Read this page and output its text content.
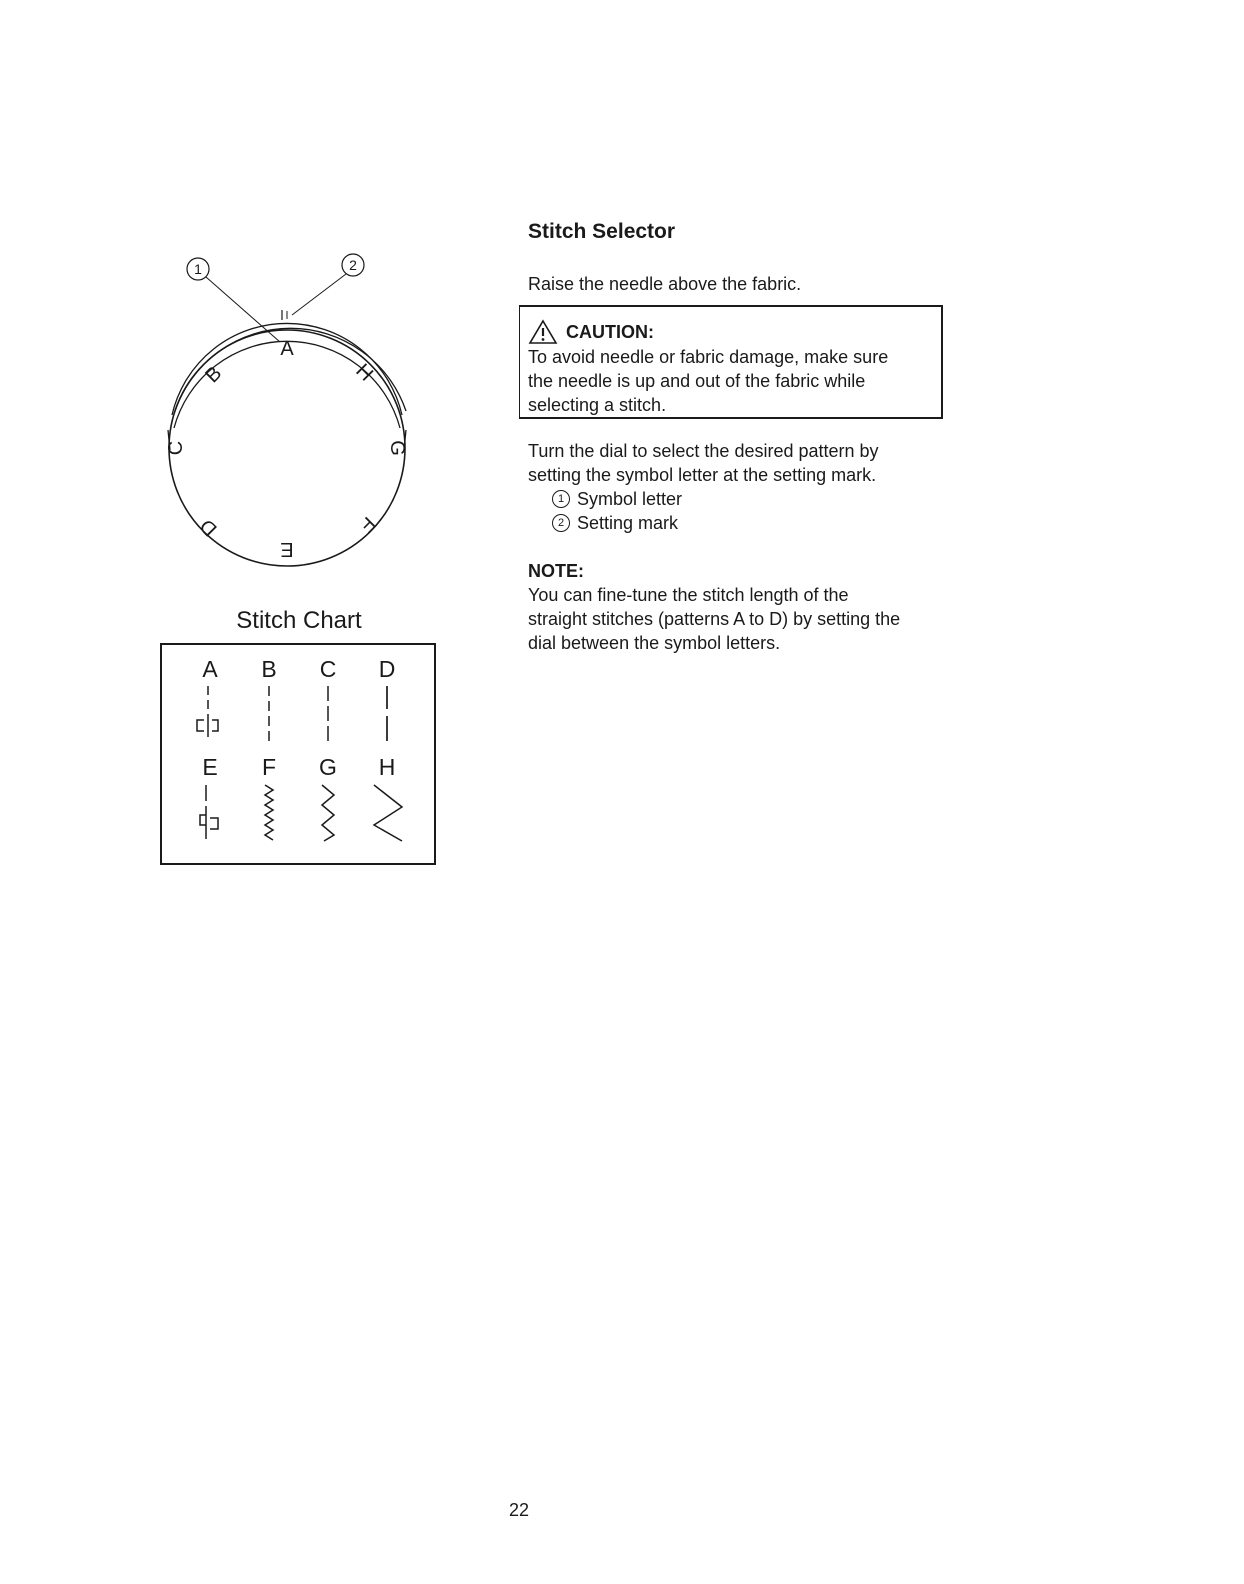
1	2
A
B
C
D
E
F
G
H
Stitch Chart
A B C D
E F G H
Stitch Selector
Raise the needle above the fabric.
CAUTION:
To avoid needle or fabric damage, make sure
the needle is up and out of the fabric while
selecting a stitch.
Turn the dial to select the desired pattern by
setting the symbol letter at the setting mark.
1 Symbol letter
2 Setting mark
NOTE:
You can fine-tune the stitch length of the
straight stitches (patterns A to D) by setting the
dial between the symbol letters.
22
